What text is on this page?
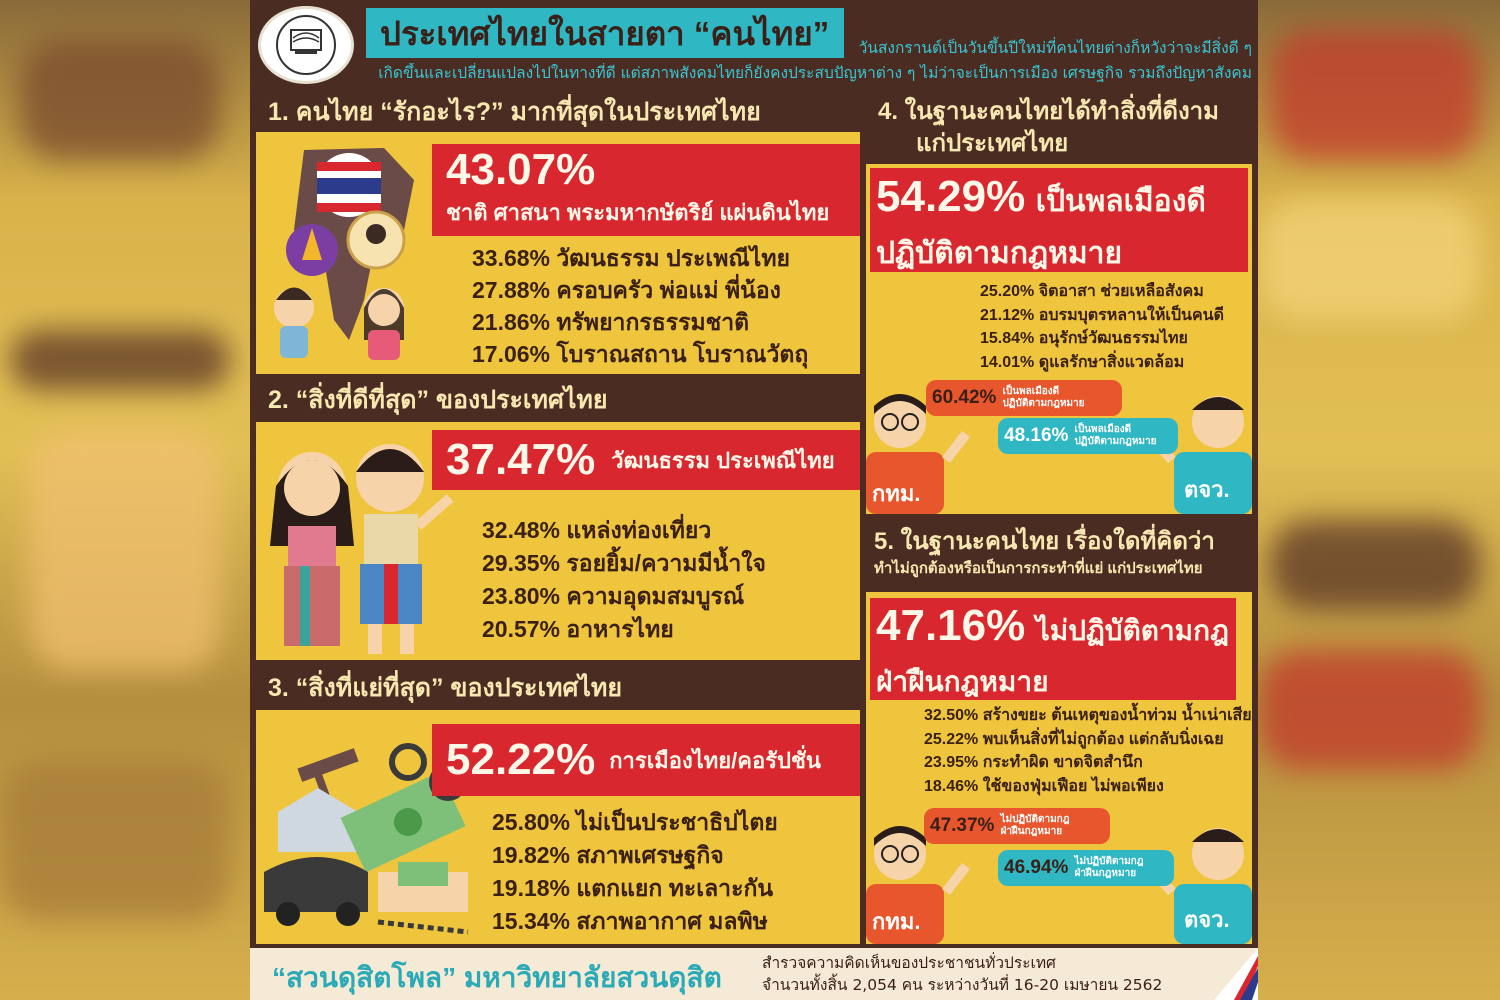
ประเทศไทยในสายตา “คนไทย”	วันสงกรานต์เป็นวันขึ้นปีใหม่ที่คนไทยต่างก็หวังว่าจะมีสิ่งดี ๆ
เกิดขึ้นและเปลี่ยนแปลงไปในทางที่ดี แต่สภาพสังคมไทยก็ยังคงประสบปัญหาต่าง ๆ ไม่ว่าจะเป็นการเมือง เศรษฐกิจ รวมถึงปัญหาสังคม
1. คนไทย “รักอะไร?” มากที่สุดในประเทศไทย
43.07%
ชาติ ศาสนา พระมหากษัตริย์ แผ่นดินไทย
33.68% วัฒนธรรม ประเพณีไทย
27.88% ครอบครัว พ่อแม่ พี่น้อง
21.86% ทรัพยากรธรรมชาติ
17.06% โบราณสถาน โบราณวัตถุ
2. “สิ่งที่ดีที่สุด” ของประเทศไทย
37.47% วัฒนธรรม ประเพณีไทย
32.48% แหล่งท่องเที่ยว
29.35% รอยยิ้ม/ความมีน้ำใจ
23.80% ความอุดมสมบูรณ์
20.57% อาหารไทย
3. “สิ่งที่แย่ที่สุด” ของประเทศไทย
52.22% การเมืองไทย/คอรัปชั่น
25.80% ไม่เป็นประชาธิปไตย
19.82% สภาพเศรษฐกิจ
19.18% แตกแยก ทะเลาะกัน
15.34% สภาพอากาศ มลพิษ
4. ในฐานะคนไทยได้ทำสิ่งที่ดีงาม
แก่ประเทศไทย
54.29% เป็นพลเมืองดี
ปฏิบัติตามกฎหมาย
25.20% จิตอาสา ช่วยเหลือสังคม
21.12% อบรมบุตรหลานให้เป็นคนดี
15.84% อนุรักษ์วัฒนธรรมไทย
14.01% ดูแลรักษาสิ่งแวดล้อม
60.42% เป็นพลเมืองดี
ปฏิบัติตามกฎหมาย
48.16% เป็นพลเมืองดี
ปฏิบัติตามกฎหมาย
กทม.	ตจว.
5. ในฐานะคนไทย เรื่องใดที่คิดว่า
ทำไม่ถูกต้องหรือเป็นการกระทำที่แย่ แก่ประเทศไทย
47.16% ไม่ปฏิบัติตามกฎ
ฝ่าฝืนกฎหมาย
32.50% สร้างขยะ ต้นเหตุของน้ำท่วม น้ำเน่าเสีย
25.22% พบเห็นสิ่งที่ไม่ถูกต้อง แต่กลับนิ่งเฉย
23.95% กระทำผิด ขาดจิตสำนึก
18.46% ใช้ของฟุ่มเฟือย ไม่พอเพียง
47.37% ไม่ปฏิบัติตามกฎ
ฝ่าฝืนกฎหมาย
46.94% ไม่ปฏิบัติตามกฎ
ฝ่าฝืนกฎหมาย
กทม.	ตจว.
“สวนดุสิตโพล” มหาวิทยาลัยสวนดุสิต	สำรวจความคิดเห็นของประชาชนทั่วประเทศ
จำนวนทั้งสิ้น 2,054 คน ระหว่างวันที่ 16-20 เมษายน 2562
